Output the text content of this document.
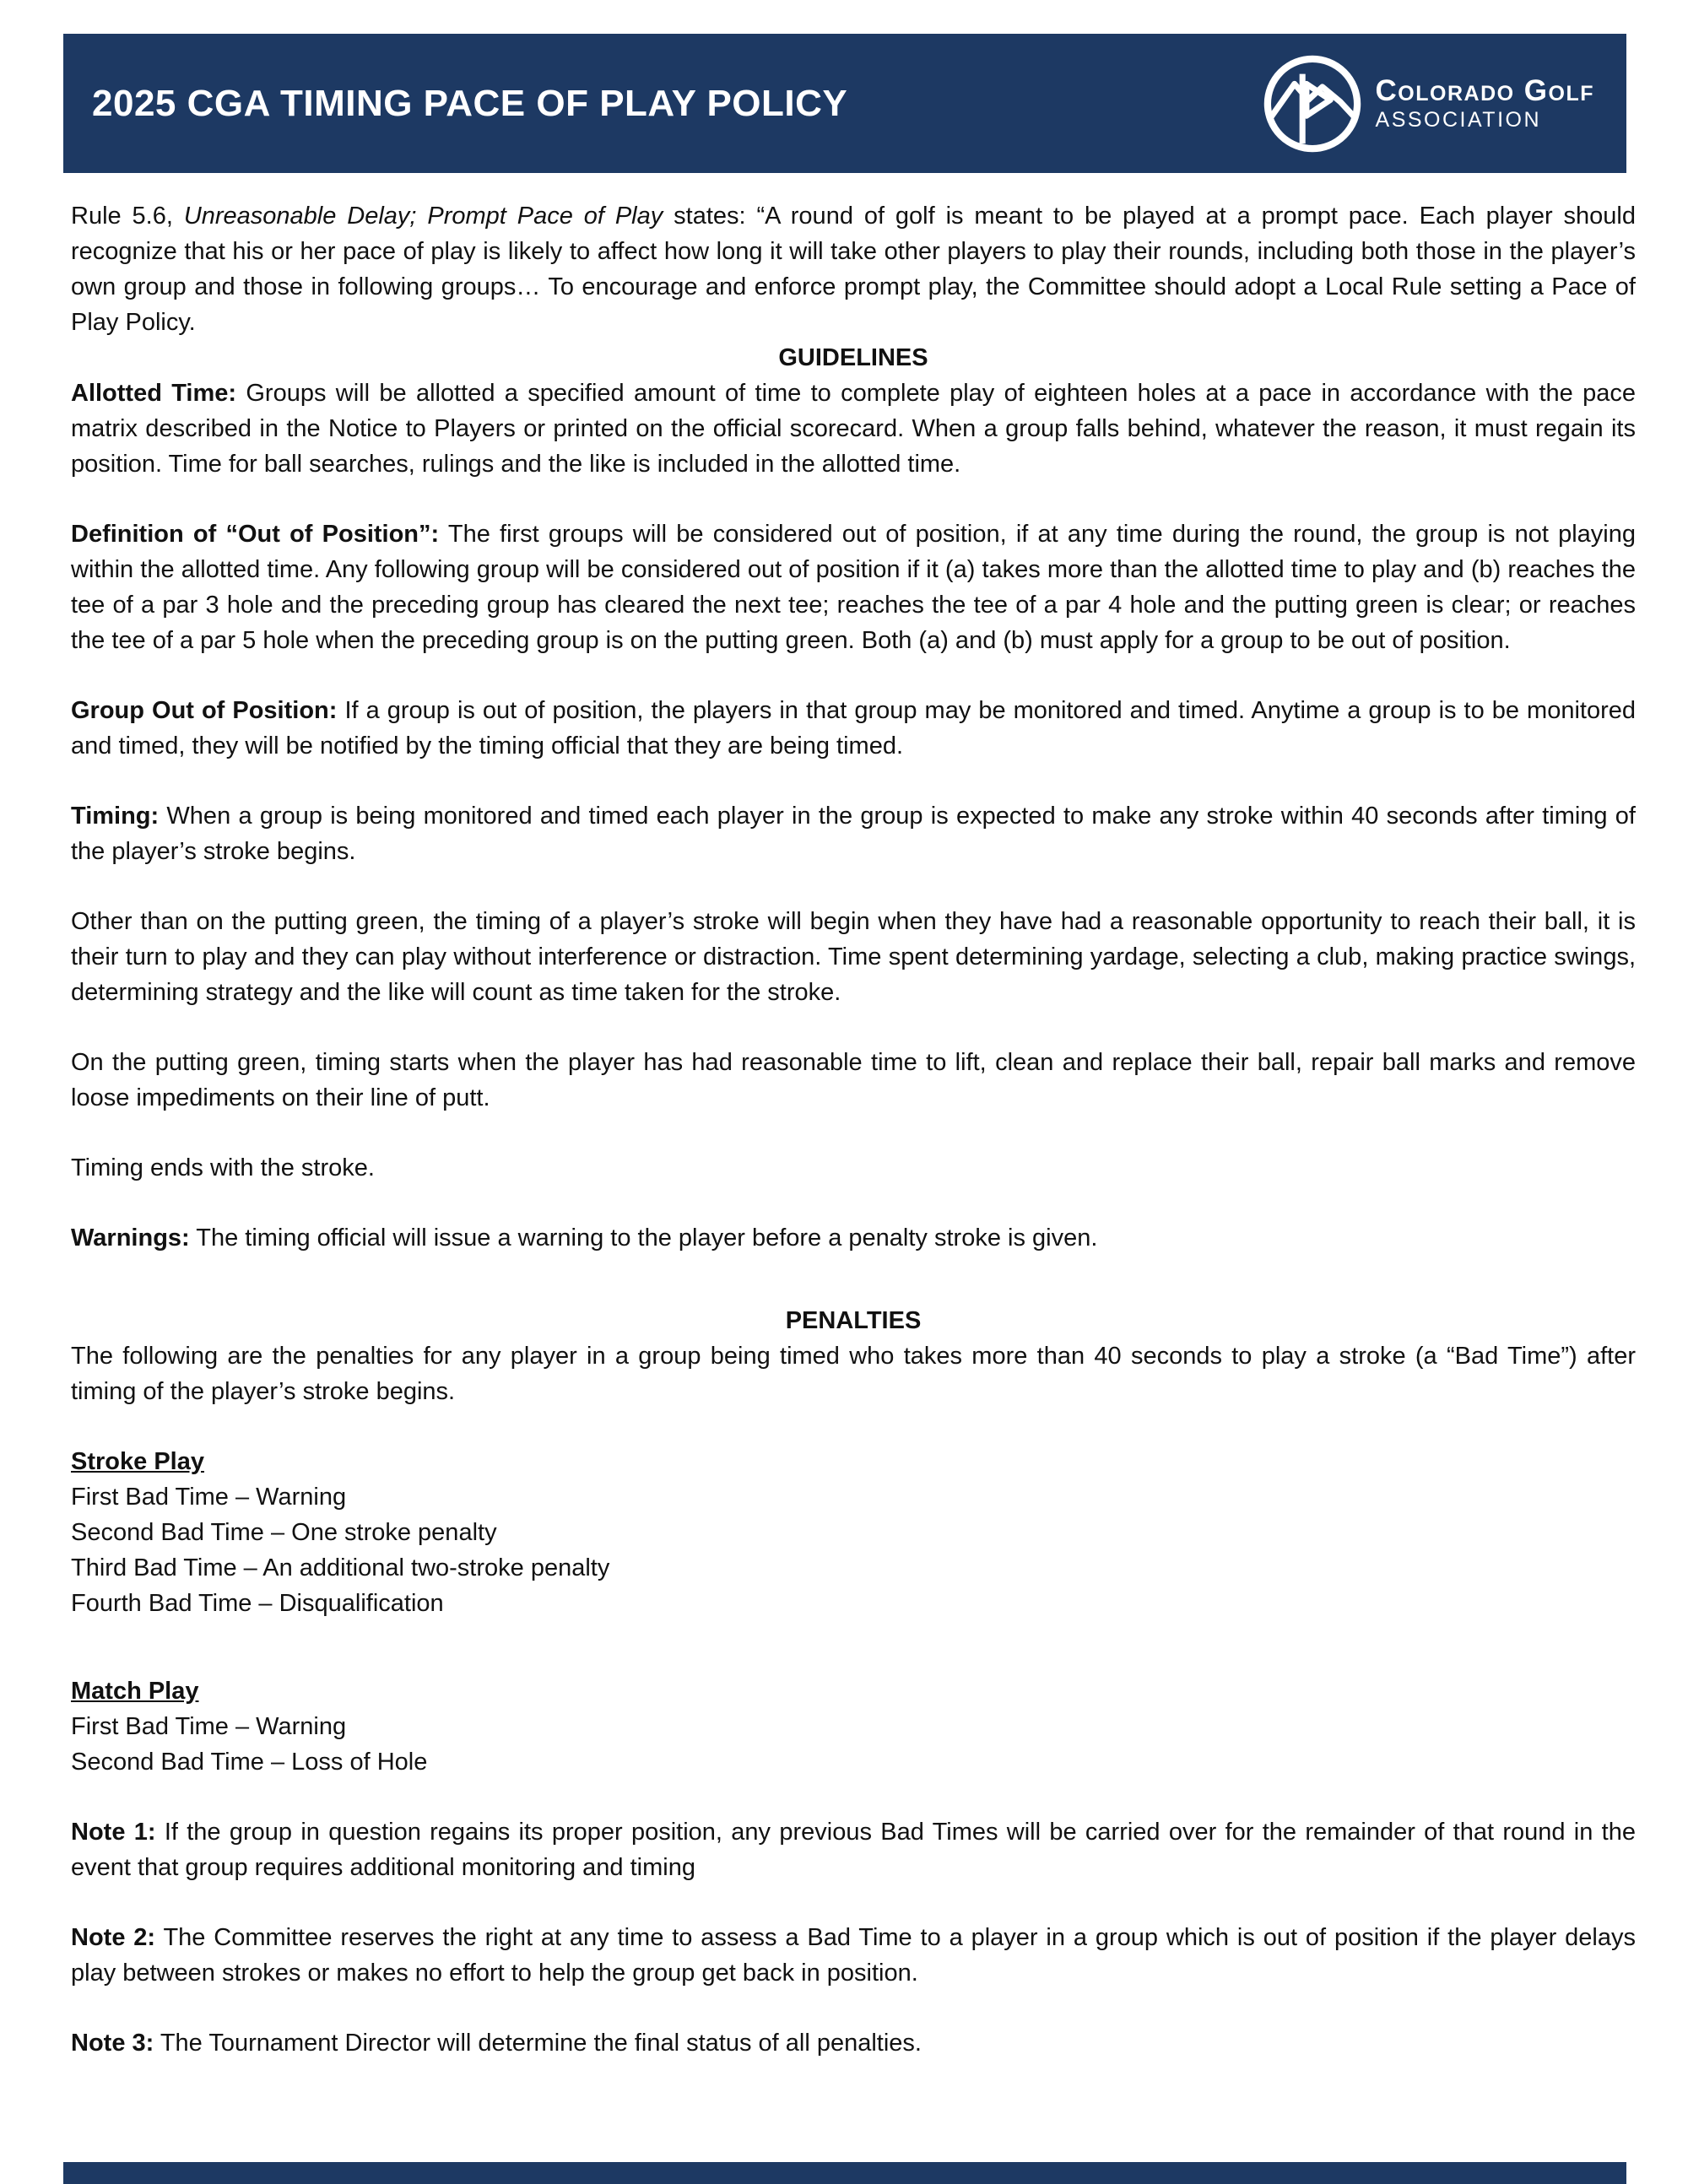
2025 CGA TIMING PACE OF PLAY POLICY	Colorado Golf
ASSOCIATION

Rule 5.6, Unreasonable Delay; Prompt Pace of Play states: “A round of golf is meant to be played at a prompt pace. Each player should recognize that his or her pace of play is likely to affect how long it will take other players to play their rounds, including both those in the player’s own group and those in following groups… To encourage and enforce prompt play, the Committee should adopt a Local Rule setting a Pace of Play Policy.

GUIDELINES

Allotted Time: Groups will be allotted a specified amount of time to complete play of eighteen holes at a pace in accordance with the pace matrix described in the Notice to Players or printed on the official scorecard. When a group falls behind, whatever the reason, it must regain its position. Time for ball searches, rulings and the like is included in the allotted time.

Definition of “Out of Position”: The first groups will be considered out of position, if at any time during the round, the group is not playing within the allotted time. Any following group will be considered out of position if it (a) takes more than the allotted time to play and (b) reaches the tee of a par 3 hole and the preceding group has cleared the next tee; reaches the tee of a par 4 hole and the putting green is clear; or reaches the tee of a par 5 hole when the preceding group is on the putting green. Both (a) and (b) must apply for a group to be out of position.

Group Out of Position: If a group is out of position, the players in that group may be monitored and timed. Anytime a group is to be monitored and timed, they will be notified by the timing official that they are being timed.

Timing: When a group is being monitored and timed each player in the group is expected to make any stroke within 40 seconds after timing of the player’s stroke begins.

Other than on the putting green, the timing of a player’s stroke will begin when they have had a reasonable opportunity to reach their ball, it is their turn to play and they can play without interference or distraction. Time spent determining yardage, selecting a club, making practice swings, determining strategy and the like will count as time taken for the stroke.

On the putting green, timing starts when the player has had reasonable time to lift, clean and replace their ball, repair ball marks and remove loose impediments on their line of putt.

Timing ends with the stroke.

Warnings: The timing official will issue a warning to the player before a penalty stroke is given.

PENALTIES

The following are the penalties for any player in a group being timed who takes more than 40 seconds to play a stroke (a “Bad Time”) after timing of the player’s stroke begins.

Stroke Play
First Bad Time – Warning
Second Bad Time – One stroke penalty
Third Bad Time – An additional two-stroke penalty
Fourth Bad Time – Disqualification
Match Play
First Bad Time – Warning
Second Bad Time – Loss of Hole

Note 1: If the group in question regains its proper position, any previous Bad Times will be carried over for the remainder of that round in the event that group requires additional monitoring and timing

Note 2: The Committee reserves the right at any time to assess a Bad Time to a player in a group which is out of position if the player delays play between strokes or makes no effort to help the group get back in position.

Note 3: The Tournament Director will determine the final status of all penalties.
